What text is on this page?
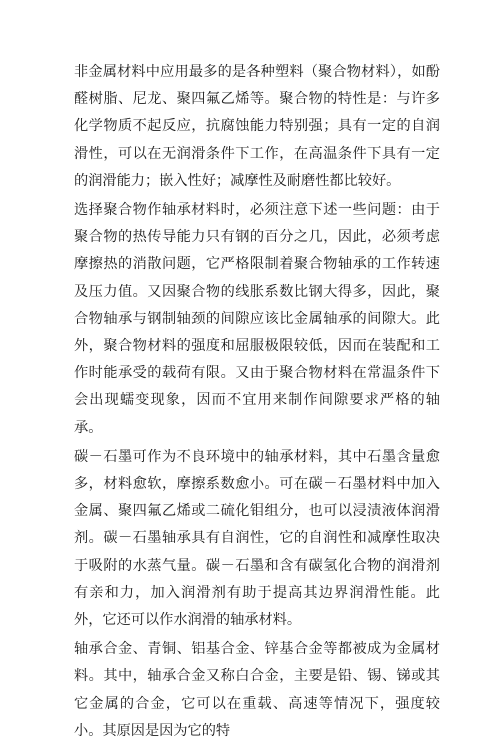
非金属材料中应用最多的是各种塑料（聚合物材料），如酚醛树脂、尼龙、聚四氟乙烯等。聚合物的特性是：与许多化学物质不起反应，抗腐蚀能力特别强；具有一定的自润滑性，可以在无润滑条件下工作，在高温条件下具有一定的润滑能力；嵌入性好；减摩性及耐磨性都比较好。

选择聚合物作轴承材料时，必须注意下述一些问题：由于聚合物的热传导能力只有钢的百分之几，因此，必须考虑摩擦热的消散问题，它严格限制着聚合物轴承的工作转速及压力值。又因聚合物的线胀系数比钢大得多，因此，聚合物轴承与钢制轴颈的间隙应该比金属轴承的间隙大。此外，聚合物材料的强度和屈服极限较低，因而在装配和工作时能承受的载荷有限。又由于聚合物材料在常温条件下会出现蠕变现象，因而不宜用来制作间隙要求严格的轴承。

碳－石墨可作为不良环境中的轴承材料，其中石墨含量愈多，材料愈软，摩擦系数愈小。可在碳－石墨材料中加入金属、聚四氟乙烯或二硫化钼组分，也可以浸渍液体润滑剂。碳－石墨轴承具有自润性，它的自润性和减摩性取决于吸附的水蒸气量。碳－石墨和含有碳氢化合物的润滑剂有亲和力，加入润滑剂有助于提高其边界润滑性能。此外，它还可以作水润滑的轴承材料。

轴承合金、青铜、铝基合金、锌基合金等都被成为金属材料。其中，轴承合金又称白合金，主要是铅、锡、锑或其它金属的合金，它可以在重载、高速等情况下，强度较小。其原因是因为它的特
